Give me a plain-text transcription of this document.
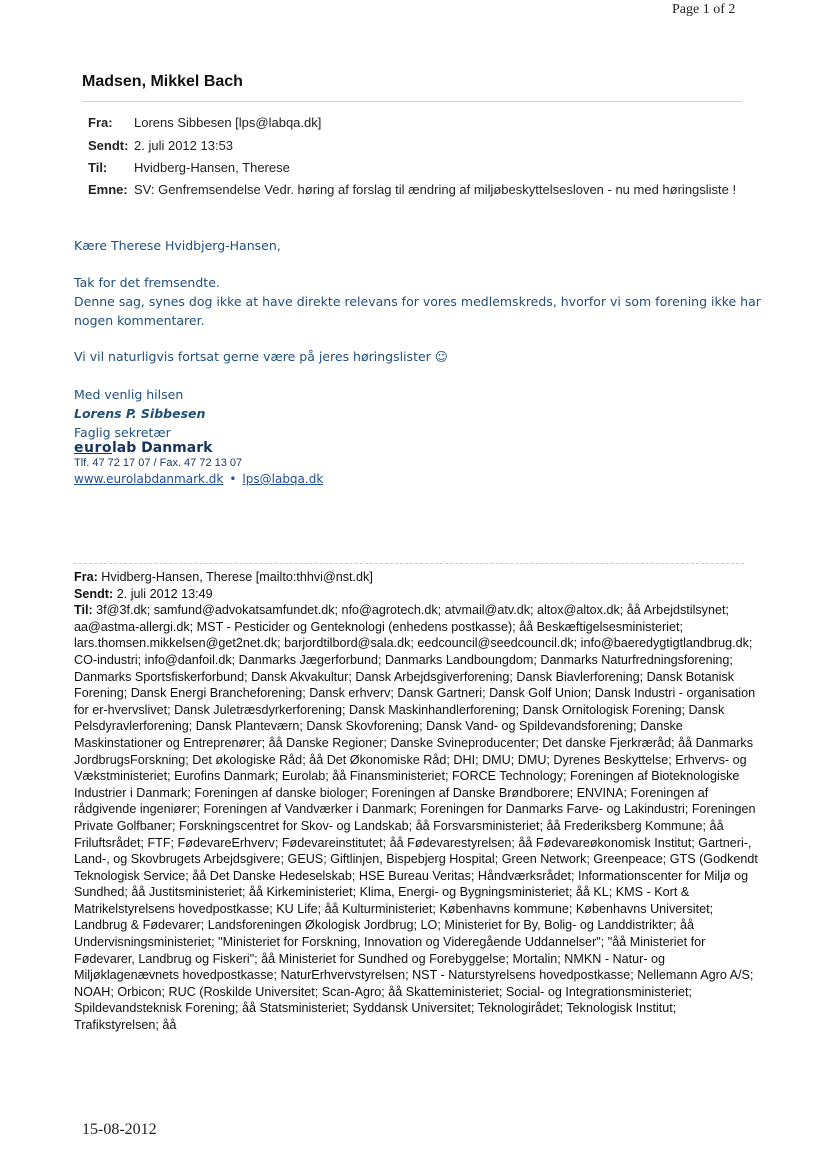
Page 1 of 2
Madsen, Mikkel Bach
Fra:	Lorens Sibbesen [lps@labqa.dk]
Sendt: 2. juli 2012 13:53
Til:	Hvidberg-Hansen, Therese
Emne: SV: Genfremsendelse Vedr. høring af forslag til ændring af miljøbeskyttelsesloven - nu med høringsliste !
Kære Therese Hvidbjerg-Hansen,
Tak for det fremsendte.
Denne sag, synes dog ikke at have direkte relevans for vores medlemskreds, hvorfor vi som forening ikke har nogen kommentarer.
Vi vil naturligvis fortsat gerne være på jeres høringslister ☺
Med venlig hilsen
Lorens P. Sibbesen
Faglig sekretær
eurolab Danmark
Tlf. 47 72 17 07 / Fax. 47 72 13 07
www.eurolabdanmark.dk • lps@labqa.dk
Fra: Hvidberg-Hansen, Therese [mailto:thhvi@nst.dk]
Sendt: 2. juli 2012 13:49
Til: 3f@3f.dk; samfund@advokatsamfundet.dk; nfo@agrotech.dk; atvmail@atv.dk; altox@altox.dk; åå Arbejdstilsynet; aa@astma-allergi.dk; MST - Pesticider og Genteknologi (enhedens postkasse); åå Beskæftigelsesministeriet; lars.thomsen.mikkelsen@get2net.dk; barjordtilbord@sala.dk; eedcouncil@seedcouncil.dk; info@baeredygtigtlandbrug.dk; CO-industri; info@danfoil.dk; Danmarks Jægerforbund; Danmarks Landboungdom; Danmarks Naturfredningsforening; Danmarks Sportsfiskerforbund; Dansk Akvakultur; Dansk Arbejdsgiverforening; Dansk Biavlerforening; Dansk Botanisk Forening; Dansk Energi Brancheforening; Dansk erhverv; Dansk Gartneri; Dansk Golf Union; Dansk Industri - organisation for er-hvervslivet; Dansk Juletræsdyrkerforening; Dansk Maskinhandlerforening; Dansk Ornitologisk Forening; Dansk Pelsdyravlerforening; Dansk Planteværn; Dansk Skovforening; Dansk Vand- og Spildevandsforening; Danske Maskinstationer og Entreprenører; åå Danske Regioner; Danske Svineproducenter; Det danske Fjerkræråd; åå Danmarks JordbrugsForskning; Det økologiske Råd; åå Det Økonomiske Råd; DHI; DMU; DMU; Dyrenes Beskyttelse; Erhvervs- og Vækstministeriet; Eurofins Danmark; Eurolab; åå Finansministeriet; FORCE Technology; Foreningen af Bioteknologiske Industrier i Danmark; Foreningen af danske biologer; Foreningen af Danske Brøndborere; ENVINA; Foreningen af rådgivende ingeniører; Foreningen af Vandværker i Danmark; Foreningen for Danmarks Farve- og Lakindustri; Foreningen Private Golfbaner; Forskningscentret for Skov- og Landskab; åå Forsvarsministeriet; åå Frederiksberg Kommune; åå Friluftsrådet; FTF; FødevareErhverv; Fødevareinstitutet; åå Fødevarestyrelsen; åå Fødevareøkonomisk Institut; Gartneri-, Land-, og Skovbrugets Arbejdsgivere; GEUS; Giftlinjen, Bispebjerg Hospital; Green Network; Greenpeace; GTS (Godkendt Teknologisk Service; åå Det Danske Hedeselskab; HSE Bureau Veritas; Håndværksrådet; Informationscenter for Miljø og Sundhed; åå Justitsministeriet; åå Kirkeministeriet; Klima, Energi- og Bygningsministeriet; åå KL; KMS - Kort & Matrikelstyrelsens hovedpostkasse; KU Life; åå Kulturministeriet; Københavns kommune; Københavns Universitet; Landbrug & Fødevarer; Landsforeningen Økologisk Jordbrug; LO; Ministeriet for By, Bolig- og Landdistrikter; åå Undervisningsministeriet; "Ministeriet for Forskning, Innovation og Videregående Uddannelser"; "åå Ministeriet for Fødevarer, Landbrug og Fiskeri"; åå Ministeriet for Sundhed og Forebyggelse; Mortalin; NMKN - Natur- og Miljøklagenævnets hovedpostkasse; NaturErhvervstyrelsen; NST - Naturstyrelsens hovedpostkasse; Nellemann Agro A/S; NOAH; Orbicon; RUC (Roskilde Universitet; Scan-Agro; åå Skatteministeriet; Social- og Integrationsministeriet; Spildevandsteknisk Forening; åå Statsministeriet; Syddansk Universitet; Teknologirådet; Teknologisk Institut; Trafikstyrelsen; åå
15-08-2012
